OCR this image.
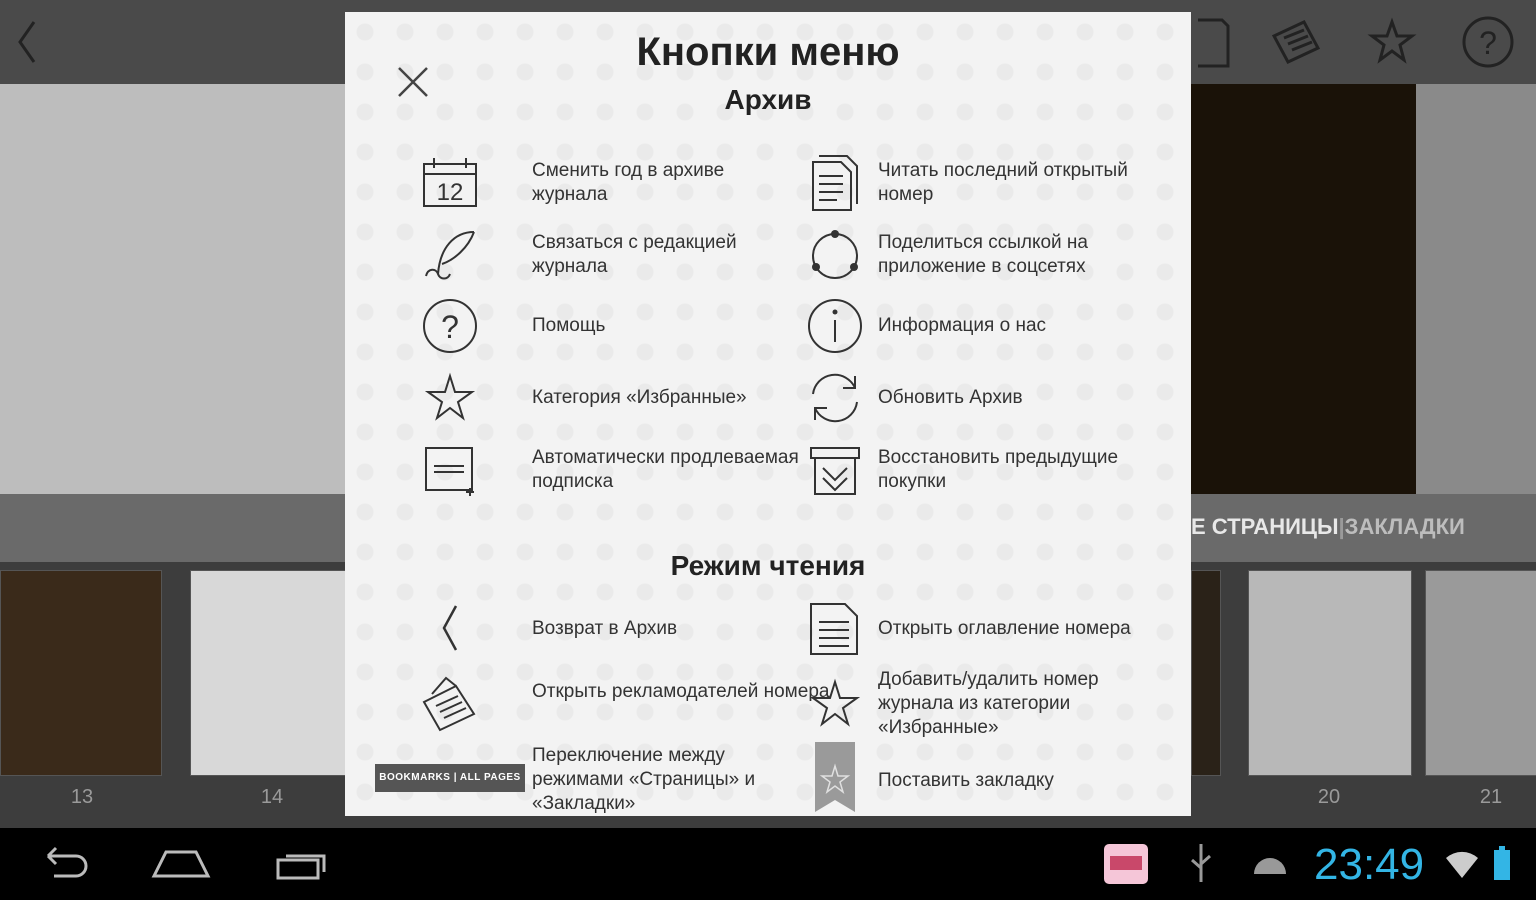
?
Е СТРАНИЦЫ|ЗАКЛАДКИ
13	14	20	21
23:49
Кнопки меню
Архив
12
Сменить год в архиве журнала
Читать последний открытый номер
Связаться с редакцией журнала
Поделиться ссылкой на приложение в соцсетях
?	Помощь	Информация о нас
Категория «Избранные»	Обновить Архив
Автоматически продлеваемая подписка
Восстановить предыдущие покупки
Режим чтения
Возврат в Архив	Открыть оглавление номера
Открыть рекламодателей номера
Добавить/удалить номер журнала из категории «Избранные»
BOOKMARKS | ALL PAGES
Переключение между режимами «Страницы» и «Закладки»
Поставить закладку
